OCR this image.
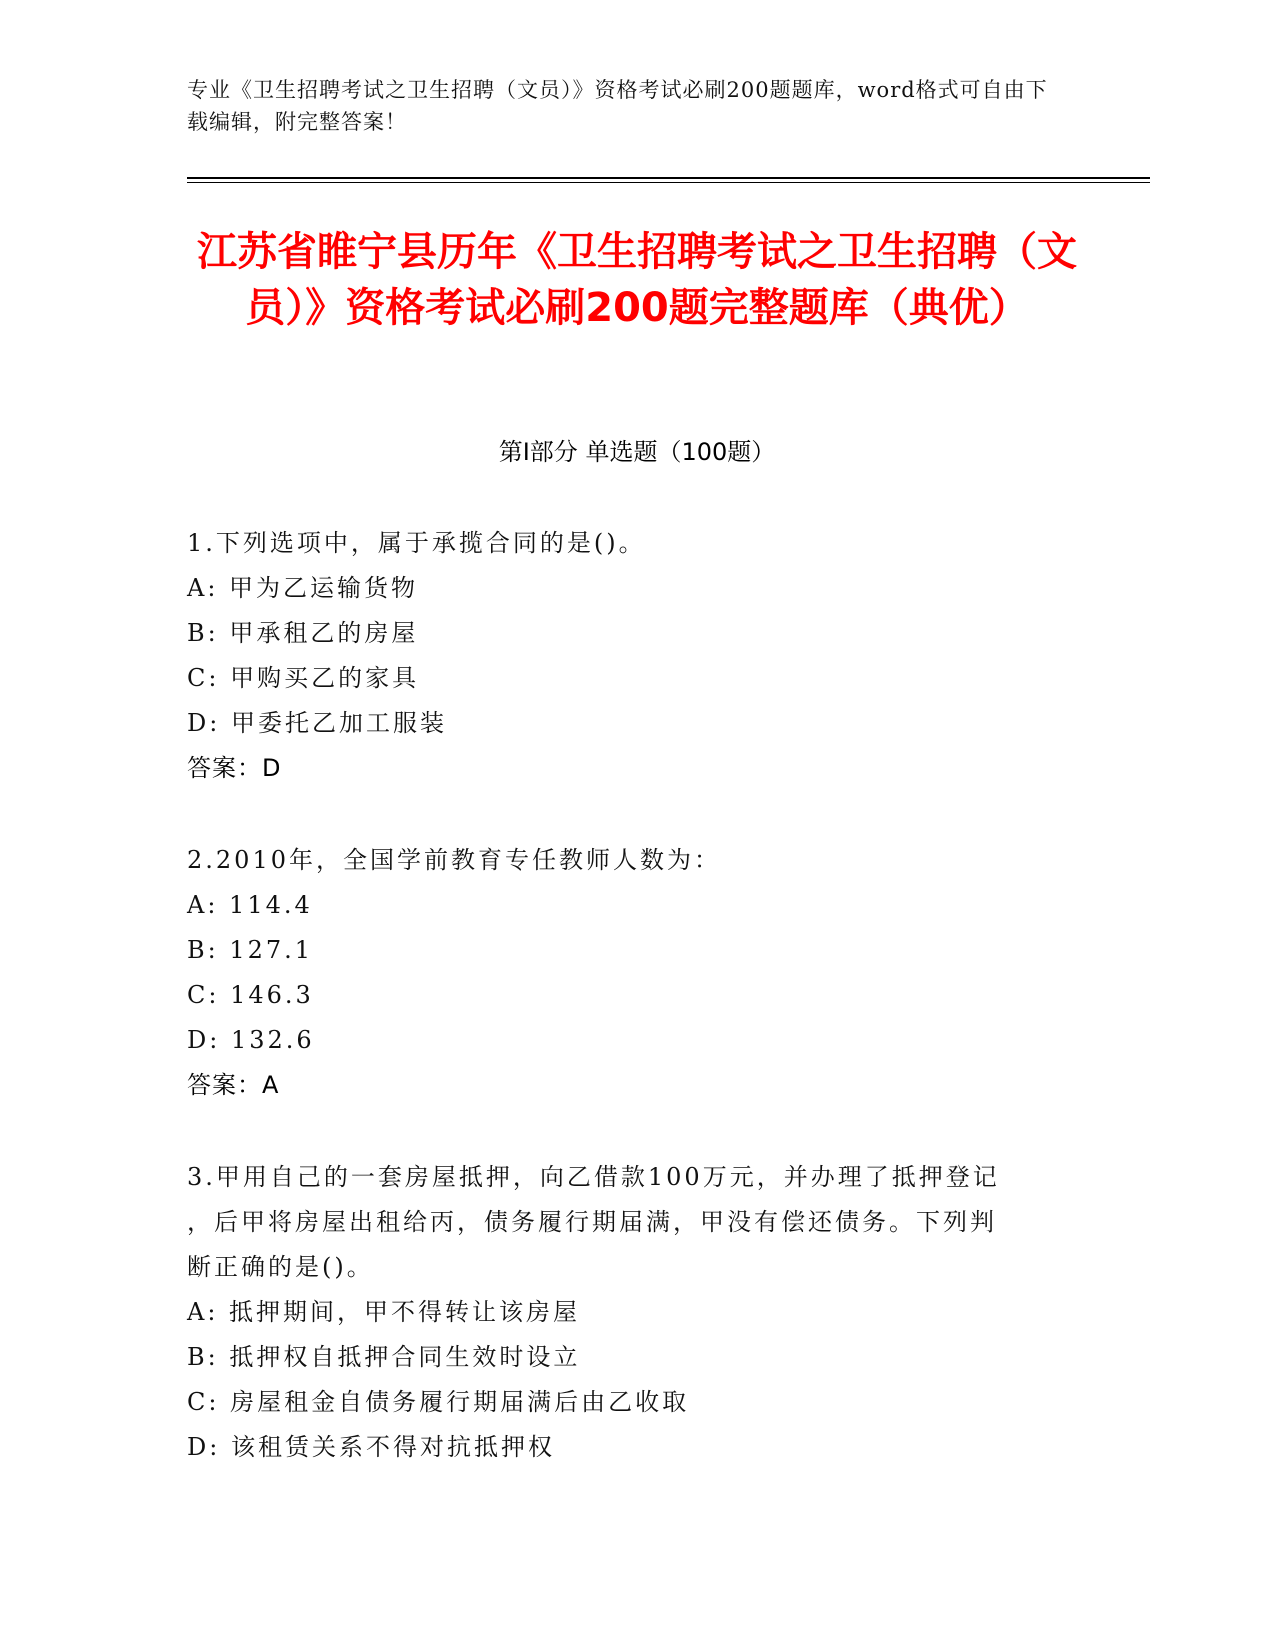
专业《卫生招聘考试之卫生招聘（文员）》资格考试必刷200题题库，word格式可自由下载编辑，附完整答案！
江苏省睢宁县历年《卫生招聘考试之卫生招聘（文员）》资格考试必刷200题完整题库（典优）
第Ⅰ部分 单选题（100题）
1.下列选项中，属于承揽合同的是()。
A: 甲为乙运输货物
B: 甲承租乙的房屋
C: 甲购买乙的家具
D: 甲委托乙加工服装
答案：D
2.2010年，全国学前教育专任教师人数为：
A: 114.4
B: 127.1
C: 146.3
D: 132.6
答案：A
3.甲用自己的一套房屋抵押，向乙借款100万元，并办理了抵押登记
，后甲将房屋出租给丙，债务履行期届满，甲没有偿还债务。下列判
断正确的是()。
A: 抵押期间，甲不得转让该房屋
B: 抵押权自抵押合同生效时设立
C: 房屋租金自债务履行期届满后由乙收取
D: 该租赁关系不得对抗抵押权
